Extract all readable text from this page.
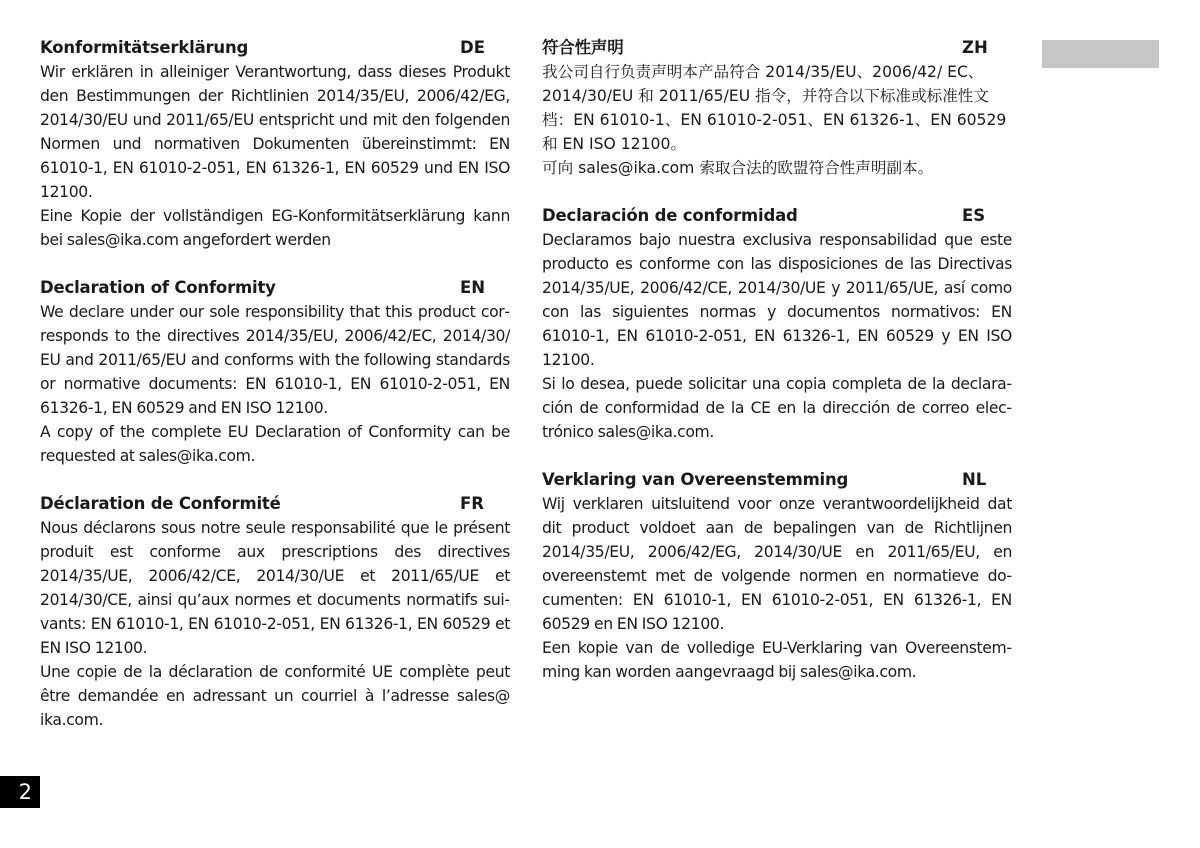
Konformitätserklärung	DE

Wir erklären in alleiniger Verantwortung, dass dieses Produkt den Bestimmungen der Richtlinien 2014/35/EU, 2006/42/EG, 2014/30/EU und 2011/65/EU entspricht und mit den folgenden Normen und normativen Dokumenten übereinstimmt: EN 61010-1, EN 61010-2-051, EN 61326-1, EN 60529 und EN ISO 12100.

Eine Kopie der vollständigen EG-Konformitätserklärung kann bei sales@ika.com angefordert werden

Declaration of Conformity	EN

We declare under our sole responsibility that this product corresponds to the directives 2014/35/EU, 2006/42/EC, 2014/30/ EU and 2011/65/EU and conforms with the following standards or normative documents: EN 61010-1, EN 61010-2-051, EN 61326-1, EN 60529 and EN ISO 12100.

A copy of the complete EU Declaration of Conformity can be requested at sales@ika.com.

Déclaration de Conformité	FR

Nous déclarons sous notre seule responsabilité que le présent produit est conforme aux prescriptions des directives 2014/35/UE, 2006/42/CE, 2014/30/UE et 2011/65/UE et 2014/30/CE, ainsi qu’aux normes et documents normatifs suivants: EN 61010-1, EN 61010-2-051, EN 61326-1, EN 60529 et EN ISO 12100.

Une copie de la déclaration de conformité UE complète peut être demandée en adressant un courriel à l’adresse sales@ ika.com.

符合性声明	ZH

我公司自行负责声明本产品符合 2014/35/EU、2006/42/ EC、2014/30/EU 和 2011/65/EU 指令，并符合以下标准或标准性文档：EN 61010-1、EN 61010-2-051、EN 61326-1、EN 60529 和 EN ISO 12100。

可向 sales@ika.com 索取合法的欧盟符合性声明副本。

Declaración de conformidad	ES

Declaramos bajo nuestra exclusiva responsabilidad que este producto es conforme con las disposiciones de las Directivas 2014/35/UE, 2006/42/CE, 2014/30/UE y 2011/65/UE, así como con las siguientes normas y documentos normativos: EN 61010-1, EN 61010-2-051, EN 61326-1, EN 60529 y EN ISO 12100.

Si lo desea, puede solicitar una copia completa de la declaración de conformidad de la CE en la dirección de correo electrónico sales@ika.com.

Verklaring van Overeenstemming	NL

Wij verklaren uitsluitend voor onze verantwoordelijkheid dat dit product voldoet aan de bepalingen van de Richtlijnen 2014/35/EU, 2006/42/EG, 2014/30/UE en 2011/65/EU, en overeenstemt met de volgende normen en normatieve documenten: EN 61010-1, EN 61010-2-051, EN 61326-1, EN 60529 en EN ISO 12100.

Een kopie van de volledige EU-Verklaring van Overeenstemming kan worden aangevraagd bij sales@ika.com.

2
